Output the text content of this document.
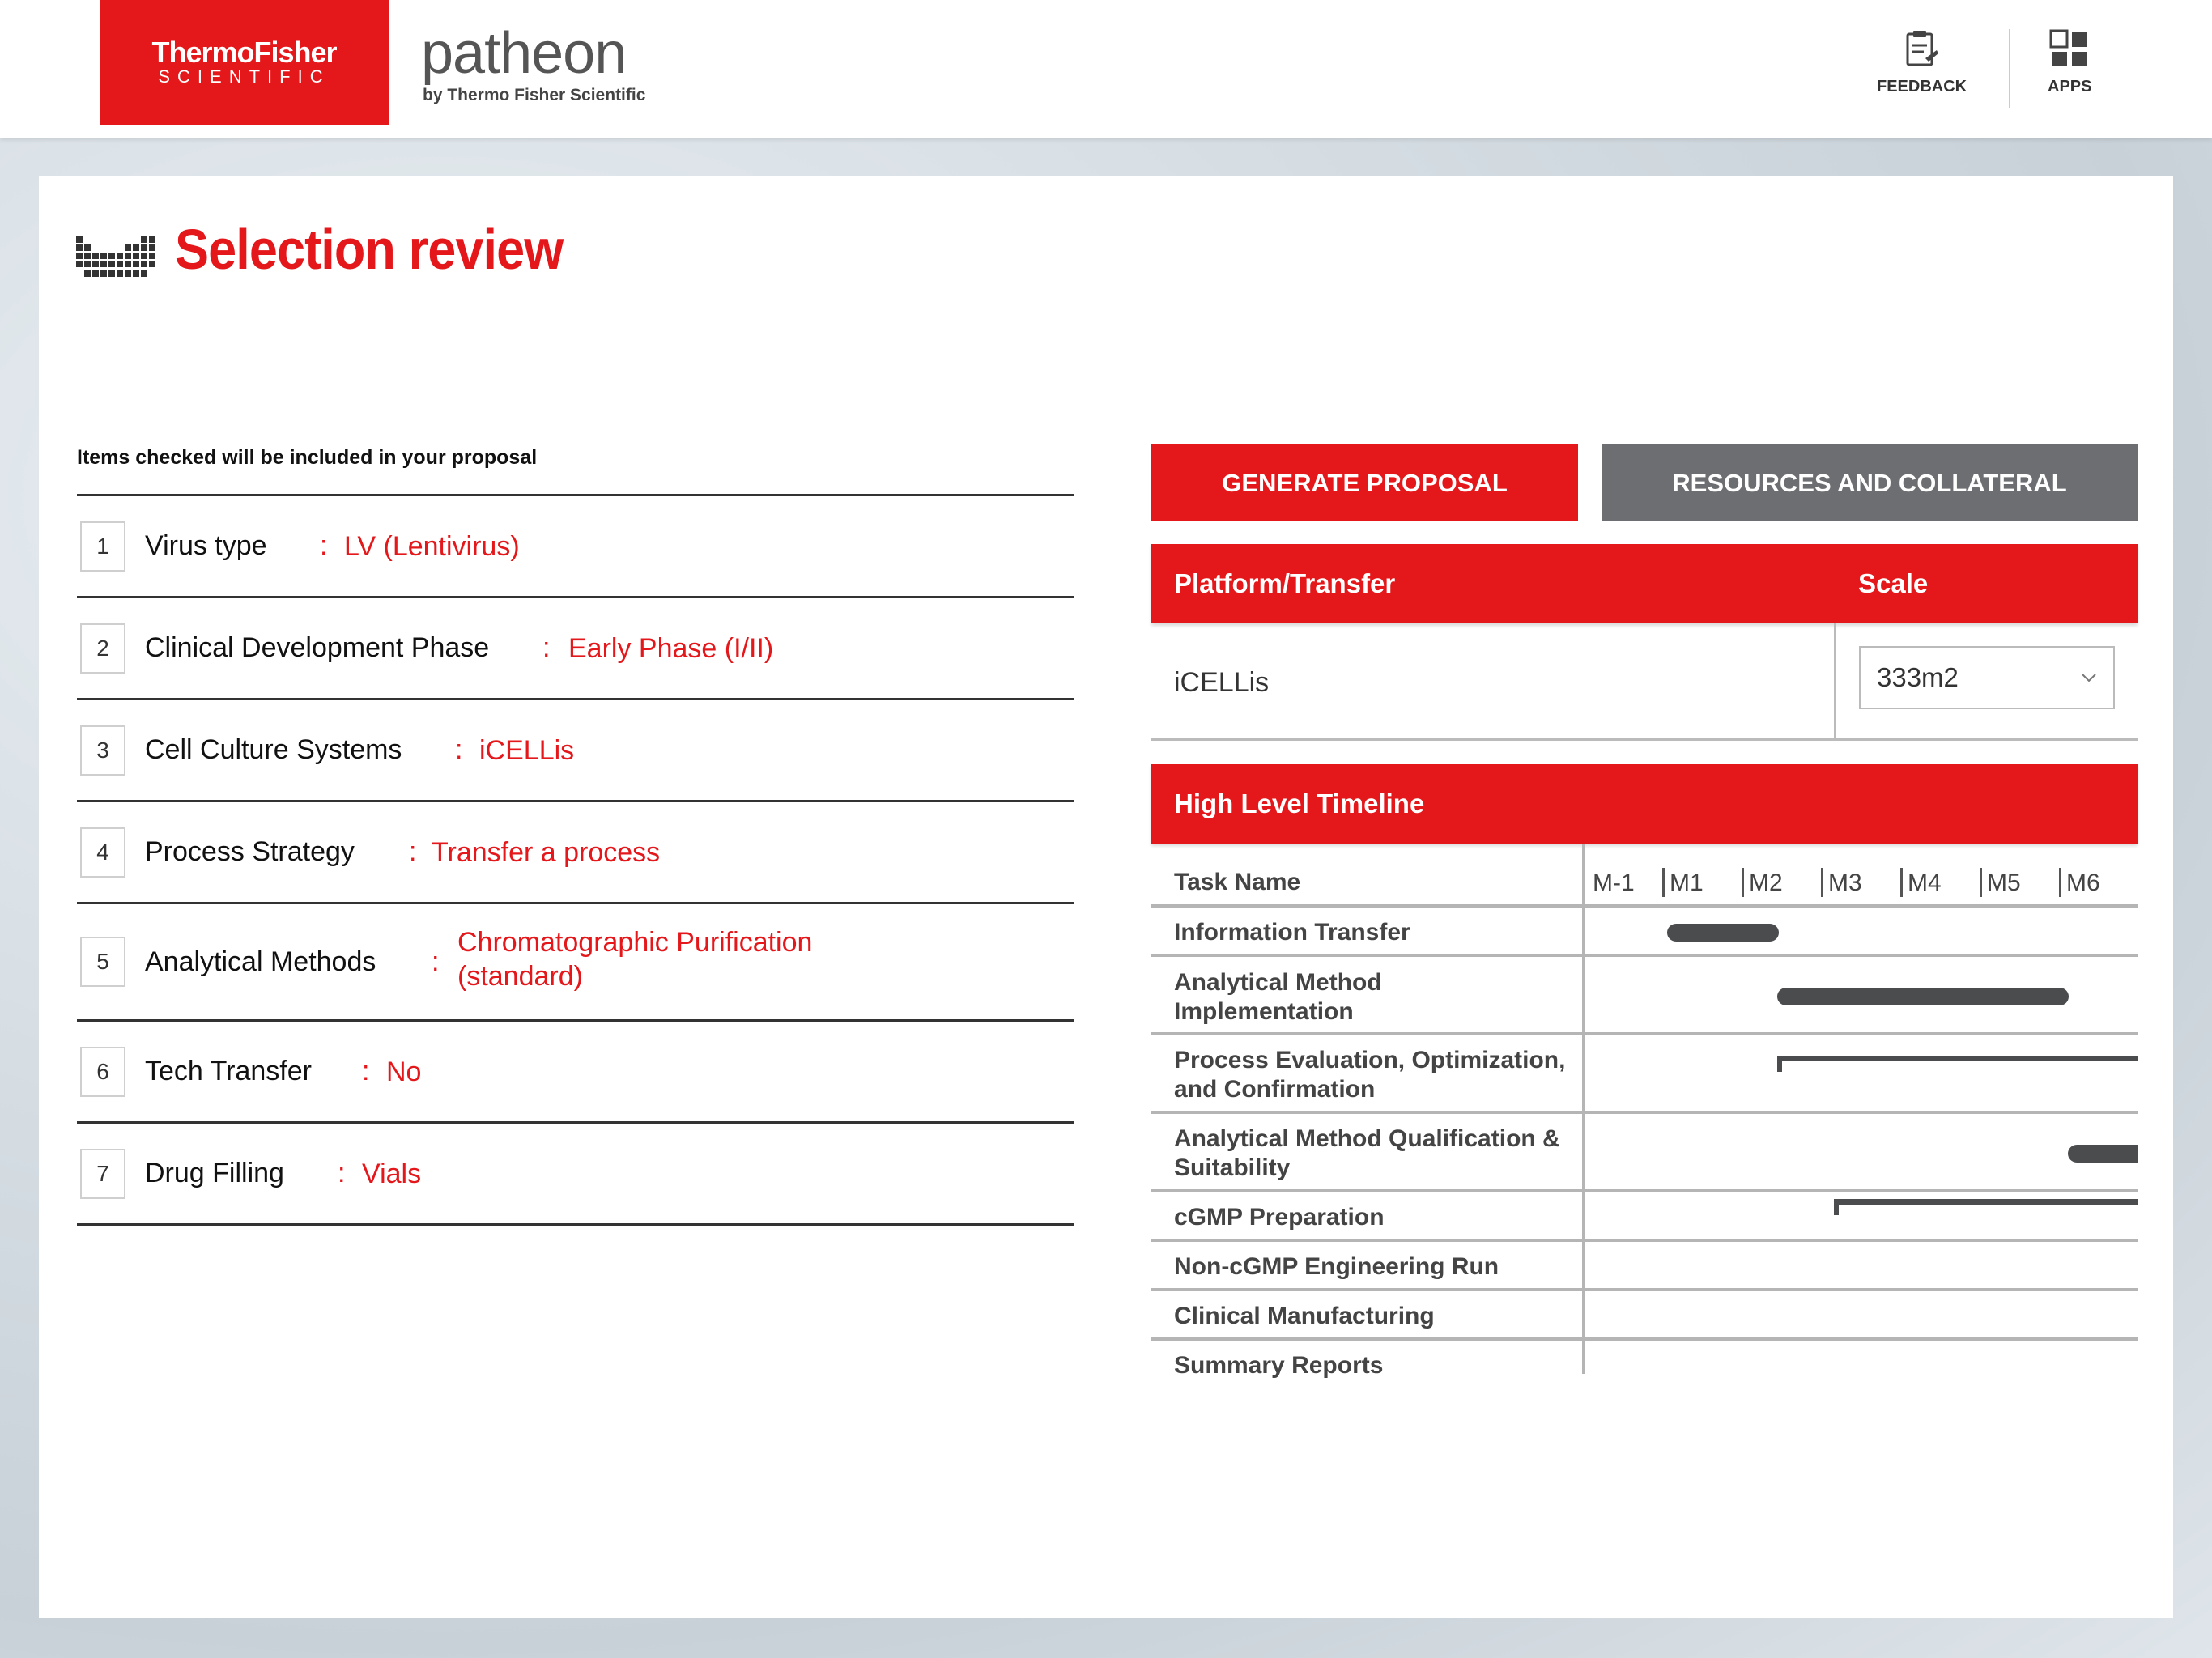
ThermoFisher
SCIENTIFIC	patheon
by Thermo Fisher Scientific	FEEDBACK	APPS
Selection review
Items checked will be included in your proposal
1	Virus type : LV (Lentivirus)
2	Clinical Development Phase : Early Phase (I/II)
3	Cell Culture Systems : iCELLis
4	Process Strategy : Transfer a process
5	Analytical Methods :
Chromatographic Purification
(standard)
6	Tech Transfer : No
7	Drug Filling : Vials
GENERATE PROPOSAL	RESOURCES AND COLLATERAL
Platform/Transfer	Scale
iCELLis	333m2
High Level Timeline
Task Name	M-1 M1 M2 M3 M4 M5 M6
Information Transfer
Analytical Method
Implementation
Process Evaluation, Optimization,
and Confirmation
Analytical Method Qualification &
Suitability
cGMP Preparation
Non-cGMP Engineering Run
Clinical Manufacturing
Summary Reports
